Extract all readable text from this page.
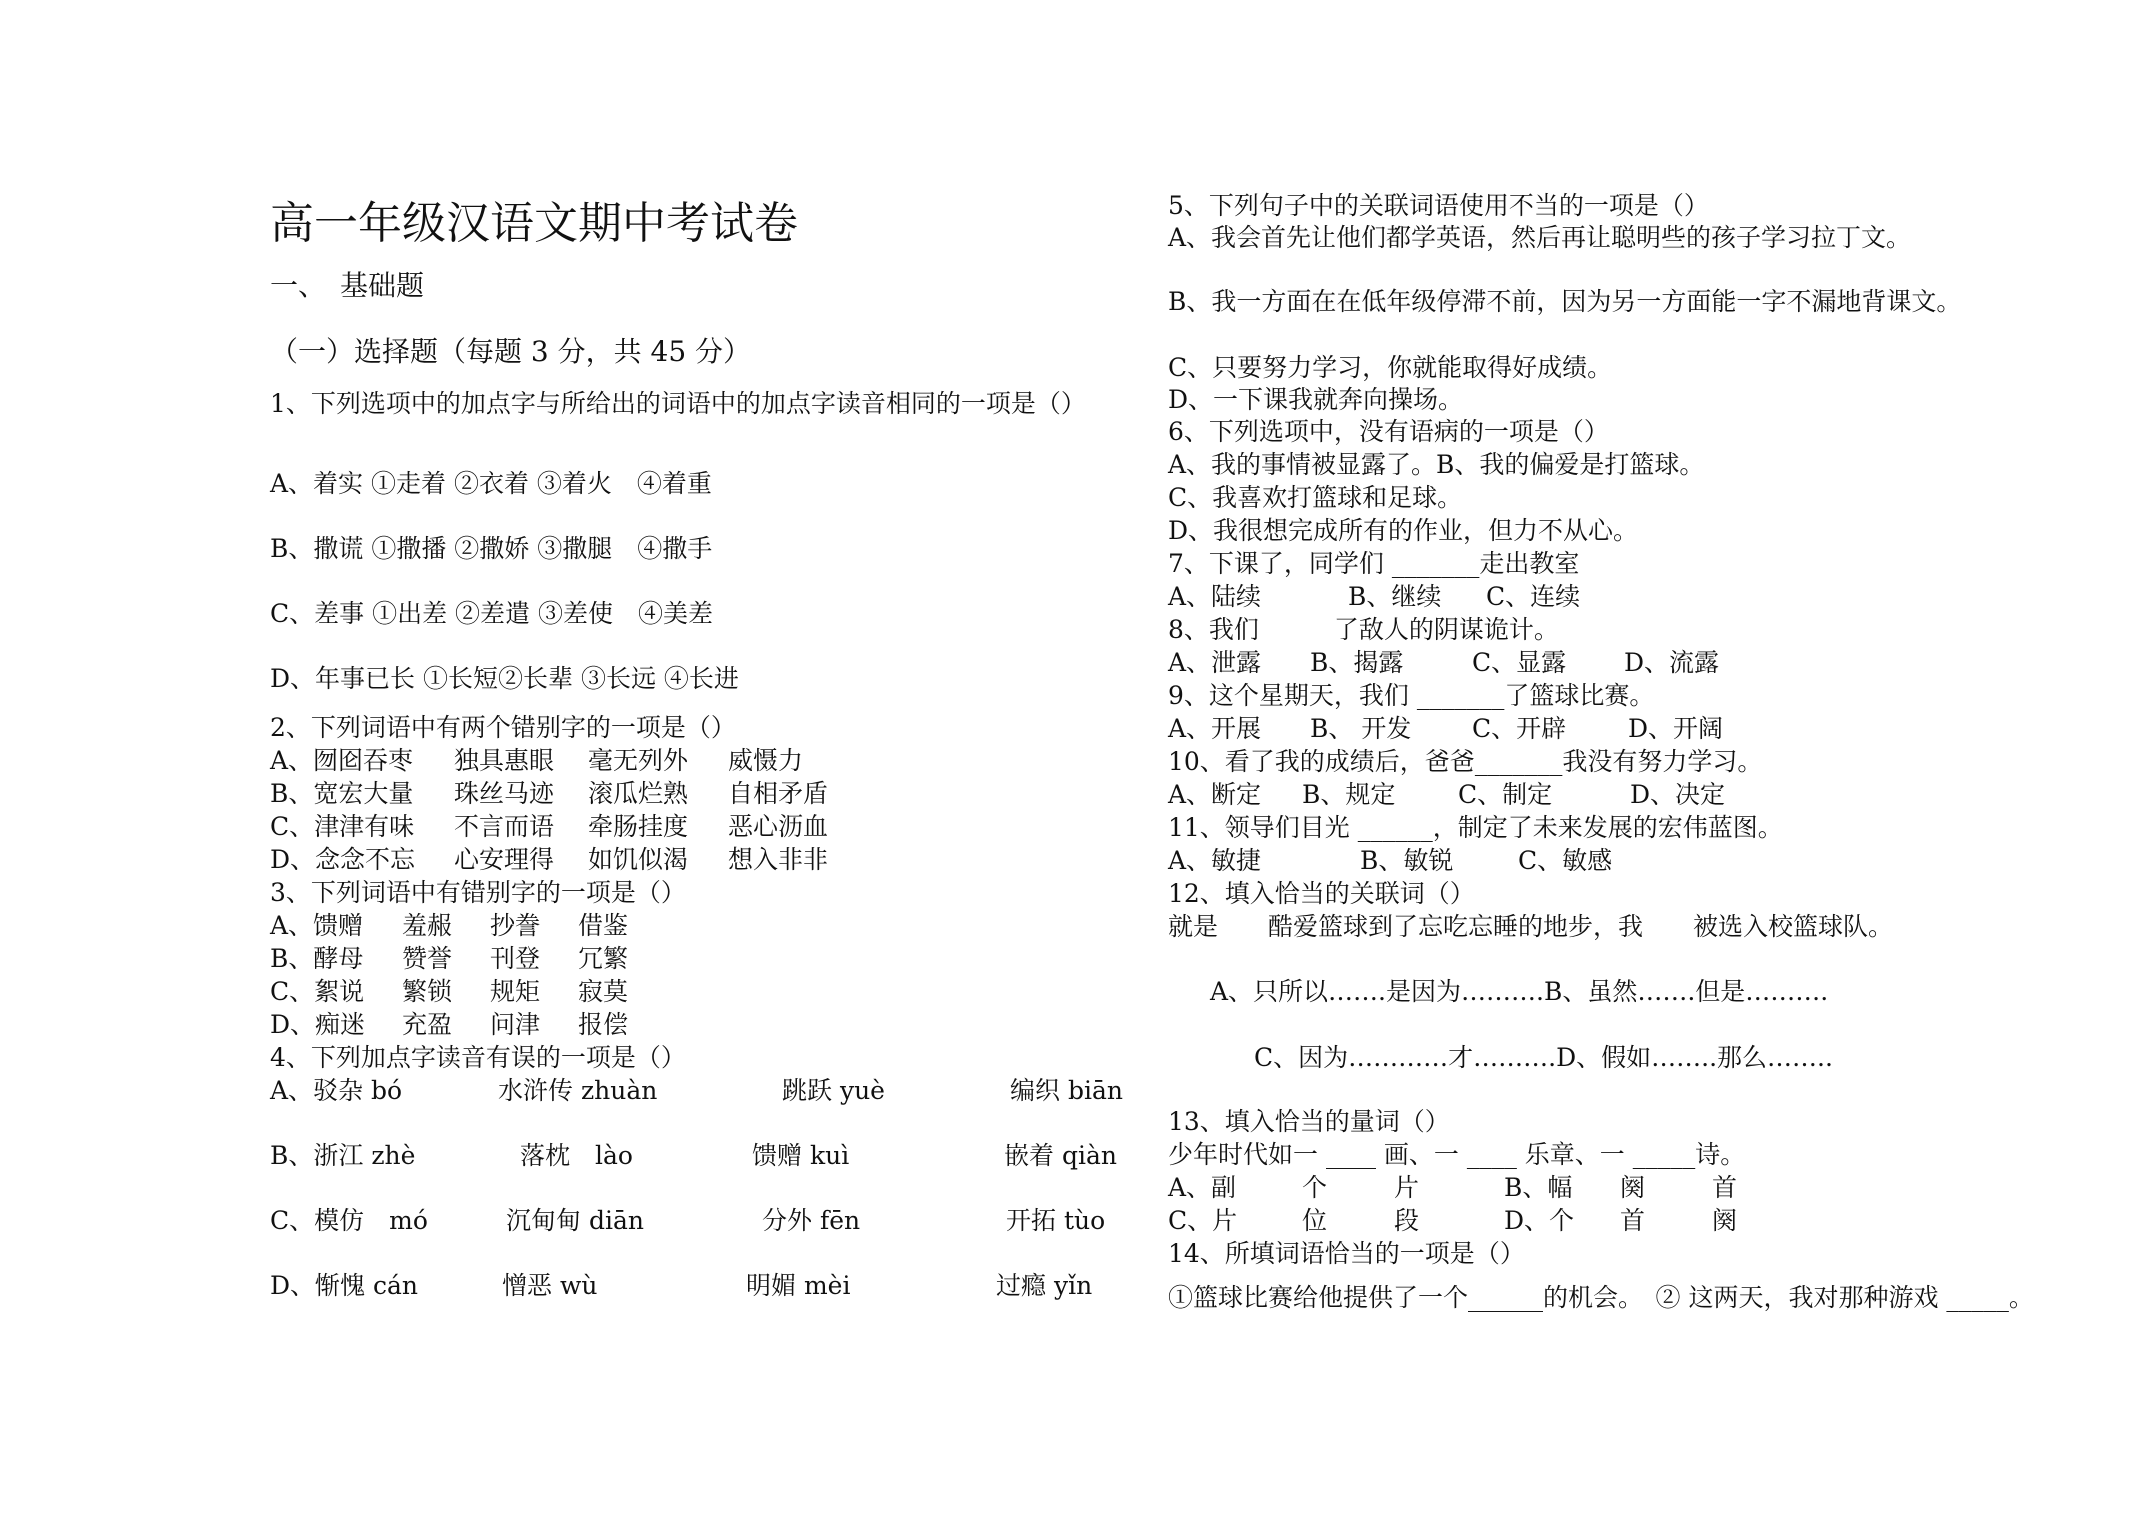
高一年级汉语文期中考试卷
一、　基础题
（一）选择题（每题 3 分，共 45 分）
1、下列选项中的加点字与所给出的词语中的加点字读音相同的一项是（）
A、着实 ①走着 ②衣着 ③着火　④着重
B、撒谎 ①撒播 ②撒娇 ③撒腿　④撒手
C、差事 ①出差 ②差遣 ③差使　④美差
D、年事已长 ①长短②长辈 ③长远 ④长进
2、下列词语中有两个错别字的一项是（）
A、囫囵吞枣 独具惠眼 毫无列外 威慑力
B、宽宏大量 珠丝马迹 滚瓜烂熟 自相矛盾
C、津津有味 不言而语 牵肠挂度 恶心沥血
D、念念不忘 心安理得 如饥似渴 想入非非
3、下列词语中有错别字的一项是（）
A、馈赠 羞赧 抄誊 借鉴
B、酵母 赞誉 刊登 冗繁
C、絮说 繁锁 规矩 寂莫
D、痴迷 充盈 问津 报偿
4、下列加点字读音有误的一项是（）
A、驳杂 bó	水浒传 zhuàn	跳跃 yuè	编织 biān
B、浙江 zhè	落枕　lào	馈赠 kuì	嵌着 qiàn
C、模仿　mó	沉甸甸 diān	分外 fēn	开拓 tùo
D、惭愧 cán	憎恶 wù	明媚 mèi	过瘾 yǐn
5、下列句子中的关联词语使用不当的一项是（）
A、我会首先让他们都学英语，然后再让聪明些的孩子学习拉丁文。
B、我一方面在在低年级停滞不前，因为另一方面能一字不漏地背课文。
C、只要努力学习，你就能取得好成绩。
D、一下课我就奔向操场。
6、下列选项中，没有语病的一项是（）
A、我的事情被显露了。B、我的偏爱是打篮球。
C、我喜欢打篮球和足球。
D、我很想完成所有的作业，但力不从心。
7、下课了，同学们 _______走出教室
A、陆续	B、继续 C、连续
8、我们　　　了敌人的阴谋诡计。
A、泄露 B、揭露	C、显露 D、流露
9、这个星期天，我们 _______了篮球比赛。
A、开展 B、 开发 C、开辟 D、开阔
10、看了我的成绩后，爸爸_______我没有努力学习。
A、断定 B、规定	C、制定	D、决定
11、领导们目光 ______，制定了未来发展的宏伟蓝图。
A、敏捷	B、敏锐	C、敏感
12、填入恰当的关联词（）
就是　　酷爱篮球到了忘吃忘睡的地步，我　　被选入校篮球队。
A、只所以…….是因为……….B、虽然…….但是……….
C、因为…………才……….D、假如……..那么……..
13、填入恰当的量词（）
少年时代如一 ____ 画、一 ____ 乐章、一 _____诗。
A、副	个	片	B、幅 阕	首
C、片	位	段	D、个 首	阕
14、所填词语恰当的一项是（）
①篮球比赛给他提供了一个______的机会。　② 这两天，我对那种游戏 _____。
